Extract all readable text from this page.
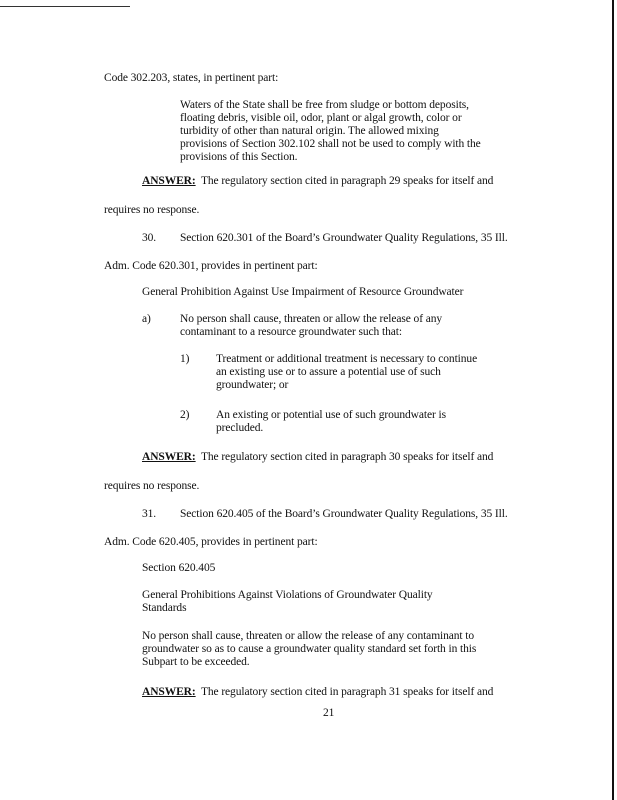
Code 302.203, states, in pertinent part:
Waters of the State shall be free from sludge or bottom deposits,
floating debris, visible oil, odor, plant or algal growth, color or
turbidity of other than natural origin. The allowed mixing
provisions of Section 302.102 shall not be used to comply with the
provisions of this Section.
ANSWER: The regulatory section cited in paragraph 29 speaks for itself and
requires no response.
30. Section 620.301 of the Board’s Groundwater Quality Regulations, 35 Ill.
Adm. Code 620.301, provides in pertinent part:
General Prohibition Against Use Impairment of Resource Groundwater
a)	No person shall cause, threaten or allow the release of any
contaminant to a resource groundwater such that:
1) Treatment or additional treatment is necessary to continue
an existing use or to assure a potential use of such
groundwater; or
2) An existing or potential use of such groundwater is
precluded.
ANSWER: The regulatory section cited in paragraph 30 speaks for itself and
requires no response.
31. Section 620.405 of the Board’s Groundwater Quality Regulations, 35 Ill.
Adm. Code 620.405, provides in pertinent part:
Section 620.405
General Prohibitions Against Violations of Groundwater Quality
Standards
No person shall cause, threaten or allow the release of any contaminant to
groundwater so as to cause a groundwater quality standard set forth in this
Subpart to be exceeded.
ANSWER: The regulatory section cited in paragraph 31 speaks for itself and
21
